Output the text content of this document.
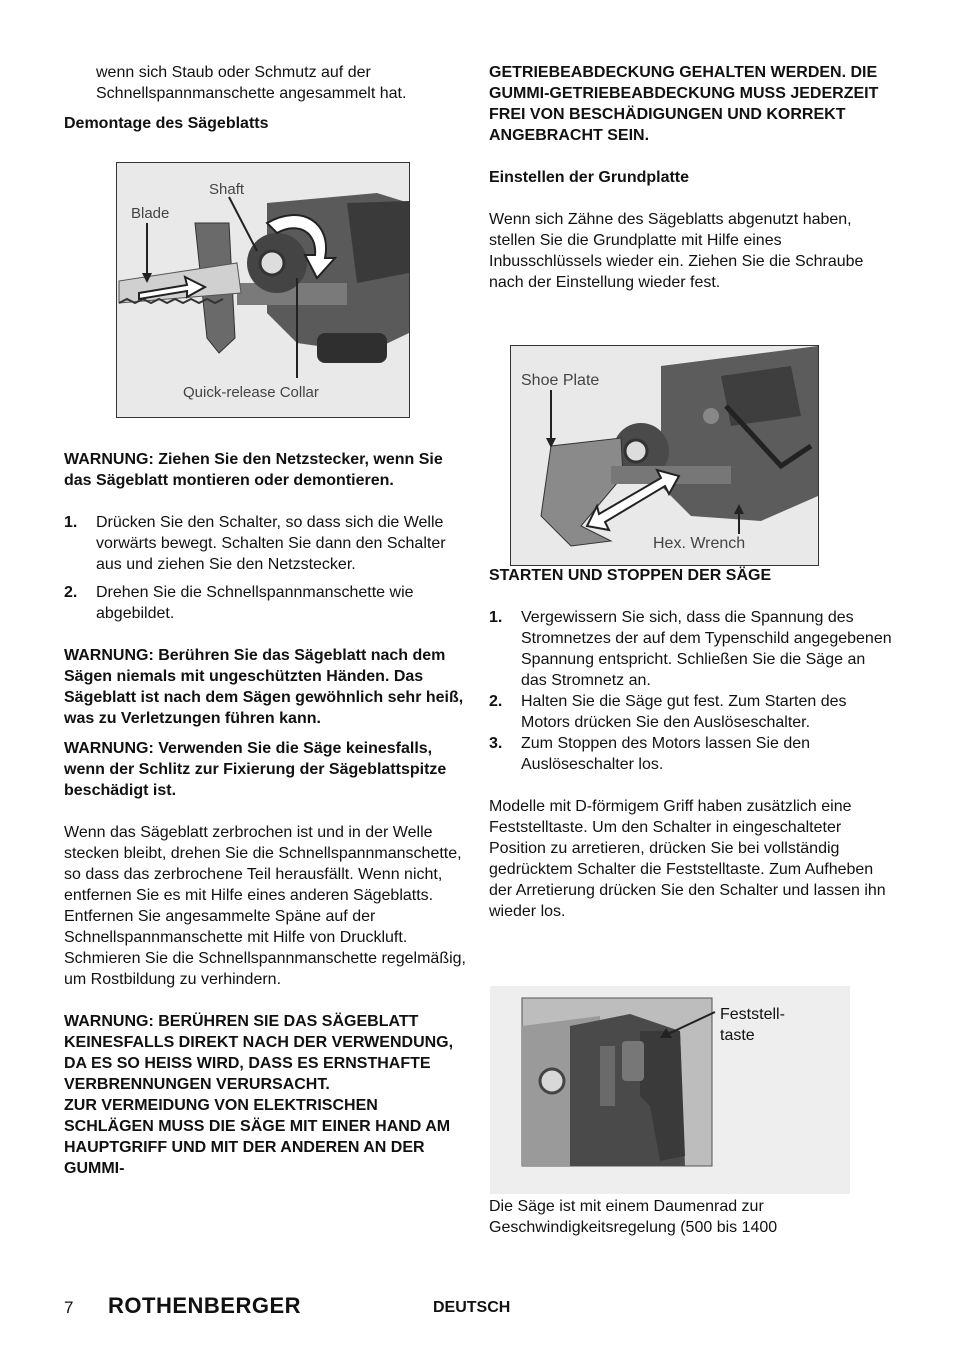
wenn sich Staub oder Schmutz auf der Schnellspannmanschette angesammelt hat.

Demontage des Sägeblatts

WARNUNG: Ziehen Sie den Netzstecker, wenn Sie das Sägeblatt montieren oder demontieren.

1.	Drücken Sie den Schalter, so dass sich die Welle vorwärts bewegt. Schalten Sie dann den Schalter aus und ziehen Sie den Netzstecker.
2.	Drehen Sie die Schnellspannmanschette wie abgebildet.

WARNUNG: Berühren Sie das Sägeblatt nach dem Sägen niemals mit ungeschützten Händen. Das Sägeblatt ist nach dem Sägen gewöhnlich sehr heiß, was zu Verletzungen führen kann.

WARNUNG: Verwenden Sie die Säge keinesfalls, wenn der Schlitz zur Fixierung der Sägeblattspitze beschädigt ist.

Wenn das Sägeblatt zerbrochen ist und in der Welle stecken bleibt, drehen Sie die Schnellspannmanschette, so dass das zerbrochene Teil herausfällt. Wenn nicht, entfernen Sie es mit Hilfe eines anderen Sägeblatts.

Entfernen Sie angesammelte Späne auf der Schnellspannmanschette mit Hilfe von Druckluft. Schmieren Sie die Schnellspannmanschette regelmäßig, um Rostbildung zu verhindern.

WARNUNG: BERÜHREN SIE DAS SÄGEBLATT KEINESFALLS DIREKT NACH DER VERWENDUNG, DA ES SO HEISS WIRD, DASS ES ERNSTHAFTE VERBRENNUNGEN VERURSACHT.

ZUR VERMEIDUNG VON ELEKTRISCHEN SCHLÄGEN MUSS DIE SÄGE MIT EINER HAND AM HAUPTGRIFF UND MIT DER ANDEREN AN DER GUMMI-

Shaft
Blade
Quick-release Collar

GETRIEBEABDECKUNG GEHALTEN WERDEN. DIE GUMMI-GETRIEBEABDECKUNG MUSS JEDERZEIT FREI VON BESCHÄDIGUNGEN UND KORREKT ANGEBRACHT SEIN.

Einstellen der Grundplatte

Wenn sich Zähne des Sägeblatts abgenutzt haben, stellen Sie die Grundplatte mit Hilfe eines Inbusschlüssels wieder ein. Ziehen Sie die Schraube nach der Einstellung wieder fest.

STARTEN UND STOPPEN DER SÄGE

1.	Vergewissern Sie sich, dass die Spannung des Stromnetzes der auf dem Typenschild angegebenen Spannung entspricht. Schließen Sie die Säge an das Stromnetz an.
2.	Halten Sie die Säge gut fest. Zum Starten des Motors drücken Sie den Auslöseschalter.
3.	Zum Stoppen des Motors lassen Sie den Auslöseschalter los.

Modelle mit D-förmigem Griff haben zusätzlich eine Feststelltaste. Um den Schalter in eingeschalteter Position zu arretieren, drücken Sie bei vollständig gedrücktem Schalter die Feststelltaste. Zum Aufheben der Arretierung drücken Sie den Schalter und lassen ihn wieder los.

Die Säge ist mit einem Daumenrad zur Geschwindigkeitsregelung (500 bis 1400

Shoe Plate
Hex. Wrench
Feststell-
taste
7 ROTHENBERGER	DEUTSCH
